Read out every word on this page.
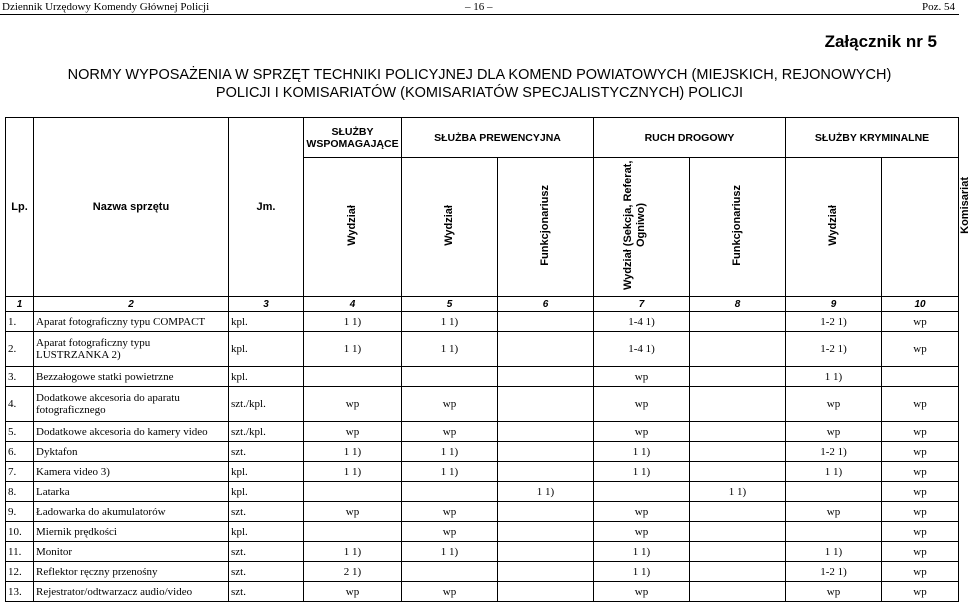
Dziennik Urzędowy Komendy Głównej Policji	– 16 –	Poz. 54
Załącznik nr 5
NORMY WYPOSAŻENIA W SPRZĘT TECHNIKI POLICYJNEJ DLA KOMEND POWIATOWYCH (MIEJSKICH, REJONOWYCH)
POLICJI I KOMISARIATÓW (KOMISARIATÓW SPECJALISTYCZNYCH) POLICJI
Lp.	Nazwa sprzętu	Jm.	SŁUŻBY WSPOMAGAJĄCE	SŁUŻBA PREWENCYJNA		RUCH DROGOWY		SŁUŻBY KRYMINALNE		Komisariat
			Wydział	Wydział	Funkcjonariusz	Wydział (Sekcja, Referat, Ogniwo)	Funkcjonariusz	Wydział		
1	2	3	4	5	6	7	8	9	10	
1.	Aparat fotograficzny typu COMPACT	kpl.	1 1)	1 1)		1-4 1)		1-2 1)	wp	
2.	Aparat fotograficzny typu LUSTRZANKA 2)	kpl.	1 1)	1 1)		1-4 1)		1-2 1)	wp	
3.	Bezzałogowe statki powietrzne	kpl.				wp		1 1)		
4.	Dodatkowe akcesoria do aparatu fotograficznego	szt./kpl.	wp	wp		wp		wp	wp	
5.	Dodatkowe akcesoria do kamery video	szt./kpl.	wp	wp		wp		wp	wp	
6.	Dyktafon	szt.	1 1)	1 1)		1 1)		1-2 1)	wp	
7.	Kamera video 3)	kpl.	1 1)	1 1)		1 1)		1 1)	wp	
8.	Latarka	kpl.			1 1)		1 1)		wp	
9.	Ładowarka do akumulatorów	szt.	wp	wp		wp		wp	wp	
10.	Miernik prędkości	kpl.		wp		wp			wp	
11.	Monitor	szt.	1 1)	1 1)		1 1)		1 1)	wp	
12.	Reflektor ręczny przenośny	szt.	2 1)			1 1)		1-2 1)	wp	
13.	Rejestrator/odtwarzacz audio/video	szt.	wp	wp		wp		wp	wp	
